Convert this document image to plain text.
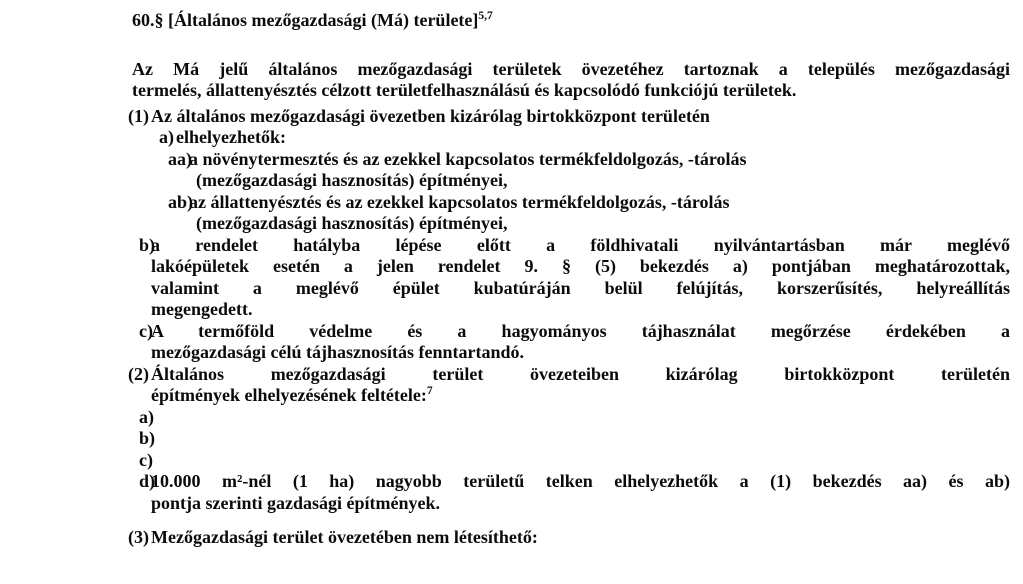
60.§ [Általános mezőgazdasági (Má) területe]$^{5,7}$
Az Má jelű általános mezőgazdasági területek övezetéhez tartoznak a település mezőgazdasági
termelés, állattenyésztés célzott területfelhasználású és kapcsolódó funkciójú területek.
(1) Az általános mezőgazdasági övezetben kizárólag birtokközpont területén
a) elhelyezhetők:
aa)
a növénytermesztés és az ezekkel kapcsolatos termékfeldolgozás, -tárolás
(mezőgazdasági hasznosítás) építményei,
ab)
az állattenyésztés és az ezekkel kapcsolatos termékfeldolgozás, -tárolás
(mezőgazdasági hasznosítás) építményei,
b)
a rendelet hatályba lépése előtt a földhivatali nyilvántartásban már meglévő
lakóépületek esetén a jelen rendelet 9. § (5) bekezdés a) pontjában meghatározottak,
valamint a meglévő épület kubatúráján belül felújítás, korszerűsítés, helyreállítás
megengedett.
c)
A termőföld védelme és a hagyományos tájhasználat megőrzése érdekében a
mezőgazdasági célú tájhasznosítás fenntartandó.
(2) Általános mezőgazdasági terület övezeteiben kizárólag birtokközpont területén
építmények elhelyezésének feltétele:$^7$
a)
b)
c)
d)
10.000 m²-nél (1 ha) nagyobb területű telken elhelyezhetők a (1) bekezdés aa) és ab)
pontja szerinti gazdasági építmények.
(3) Mezőgazdasági terület övezetében nem létesíthető:
